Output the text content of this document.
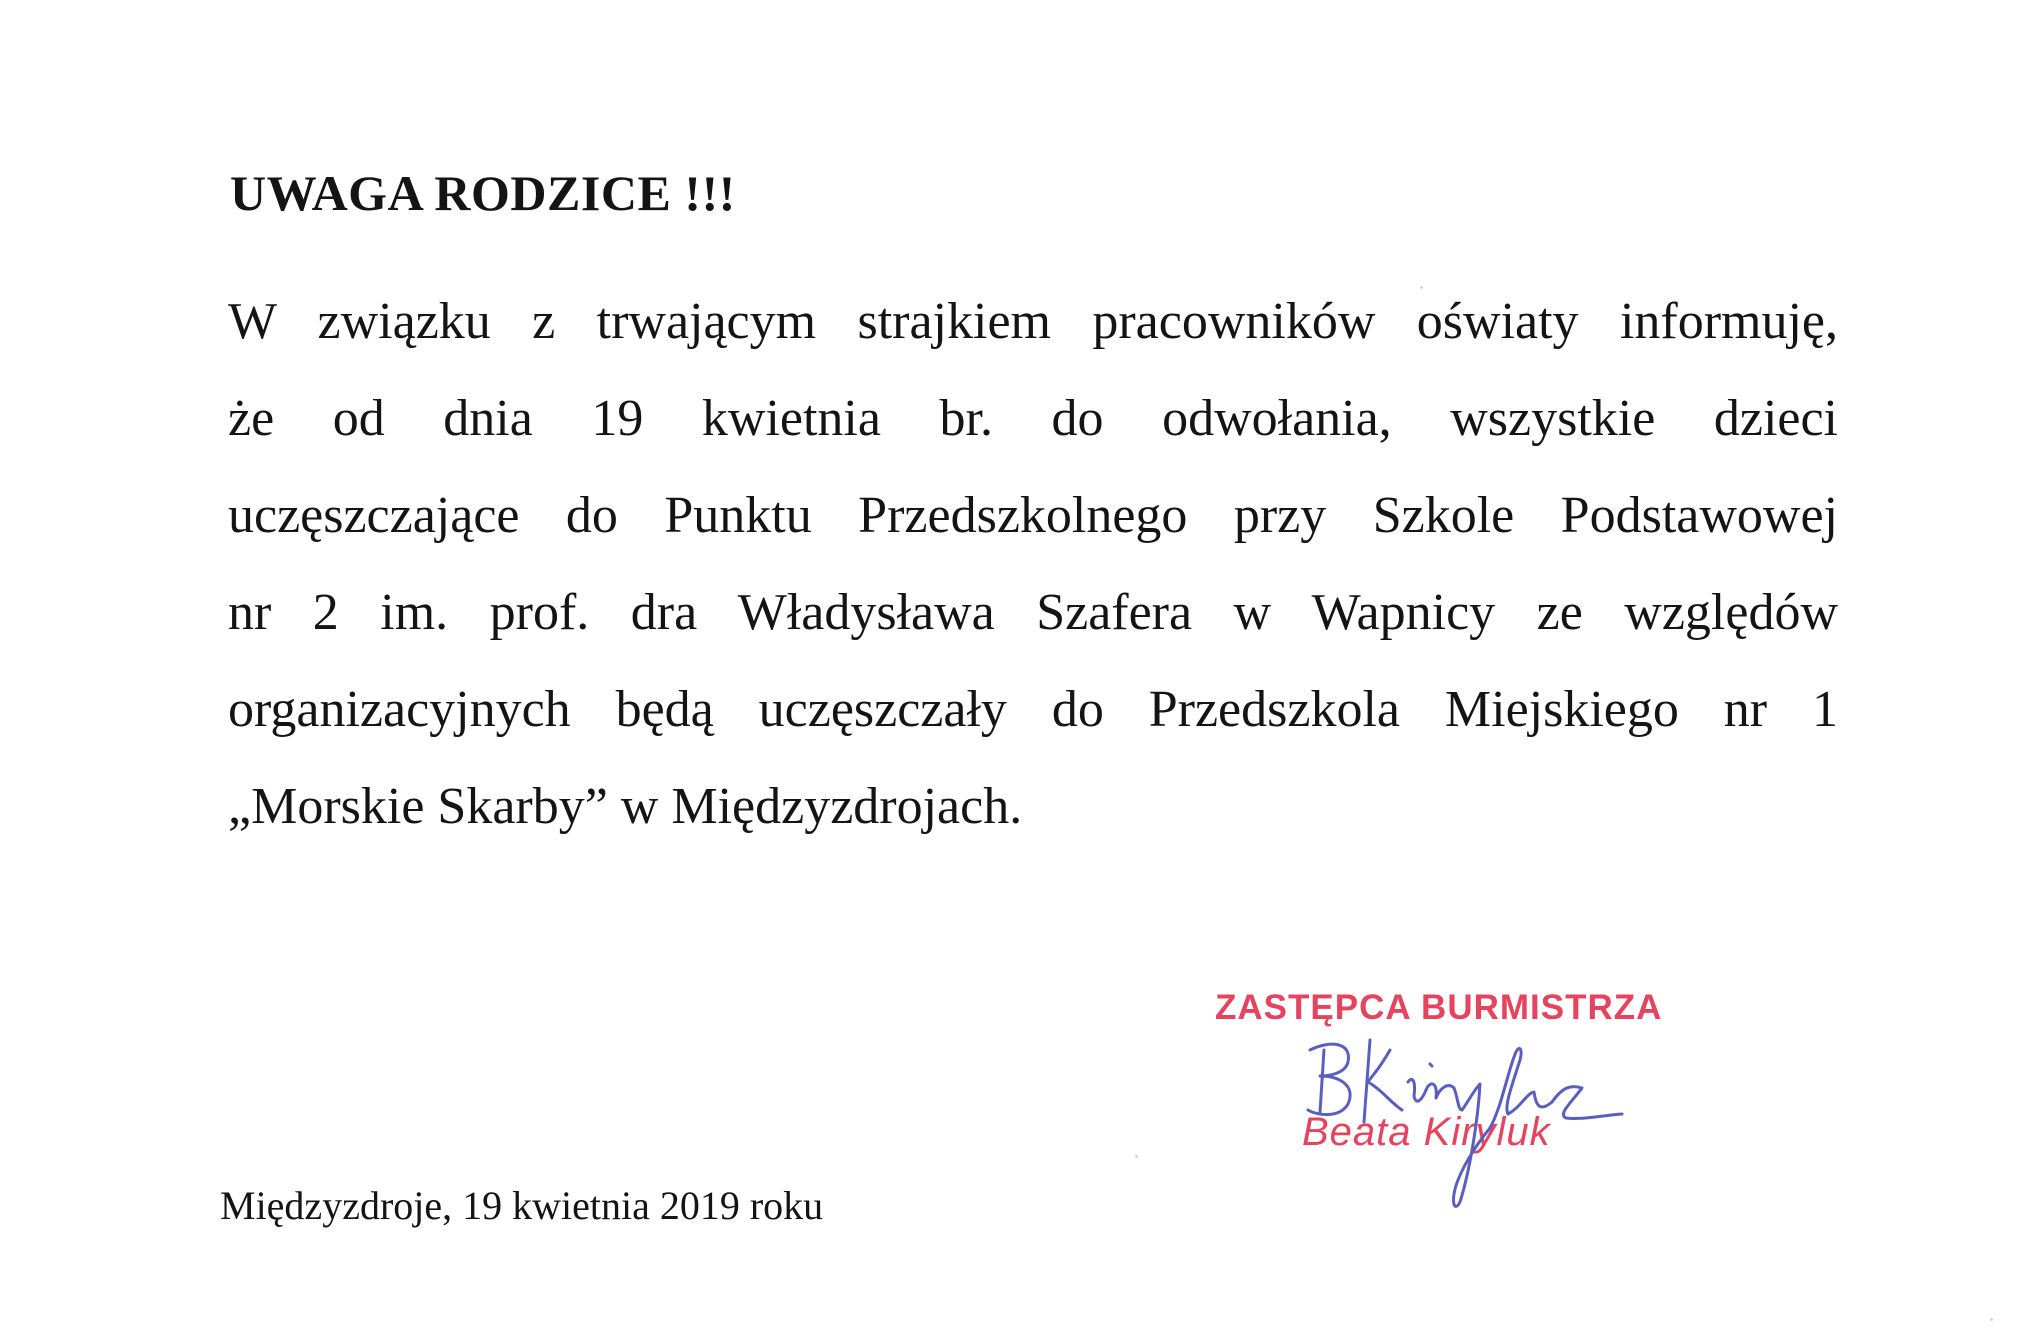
UWAGA RODZICE !!!

W związku z trwającym strajkiem pracowników oświaty informuję,

że od dnia 19 kwietnia br. do odwołania, wszystkie dzieci

uczęszczające do Punktu Przedszkolnego przy Szkole Podstawowej

nr 2 im. prof. dra Władysława Szafera w Wapnicy ze względów

organizacyjnych będą uczęszczały do Przedszkola Miejskiego nr 1

„Morskie Skarby” w Międzyzdrojach.

ZASTĘPCA BURMISTRZA
Beata Kiryluk

Międzyzdroje, 19 kwietnia 2019 roku
